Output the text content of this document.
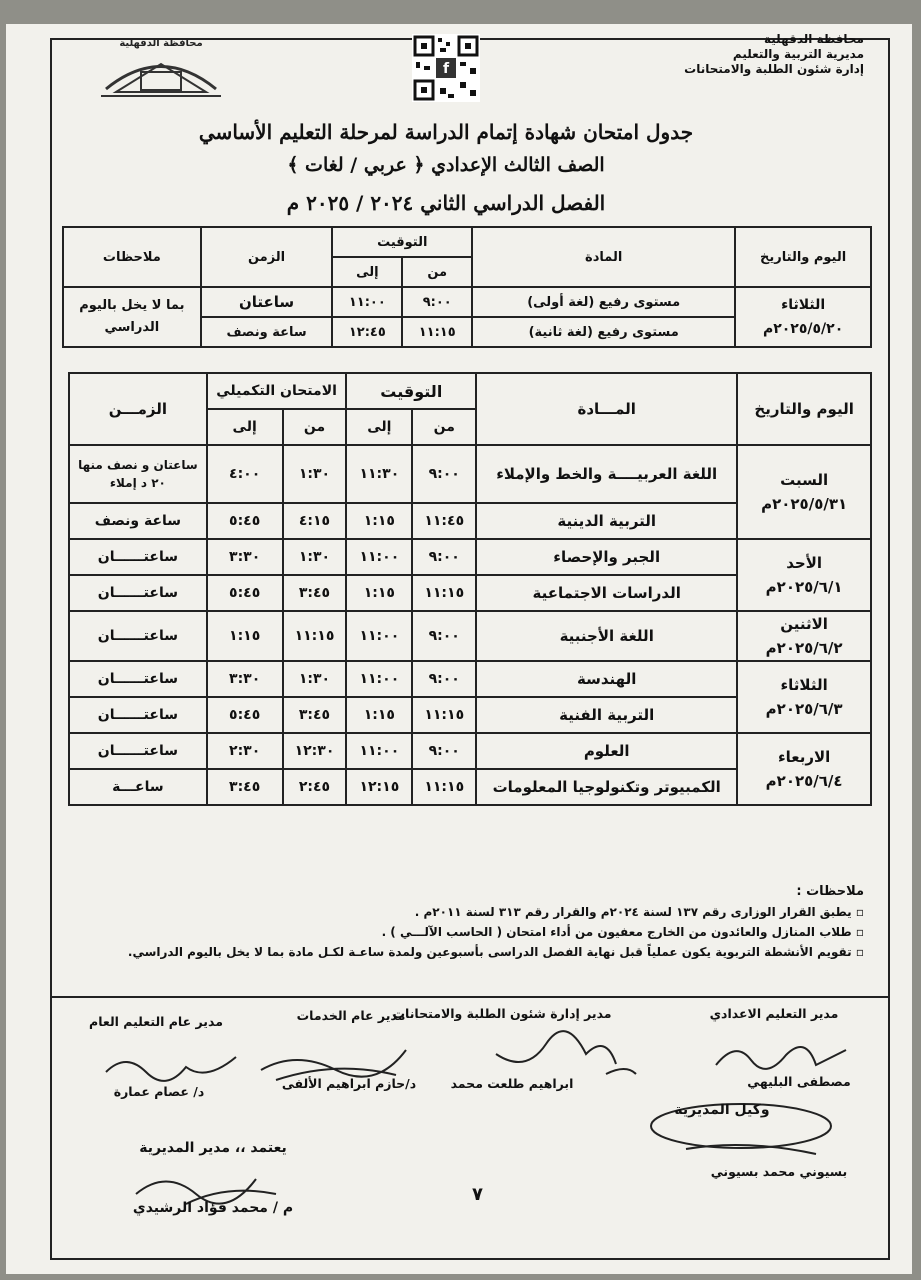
محافظة الدقهلية
مديرية التربية والتعليم
إدارة شئون الطلبة والامتحانات
محافظة الدقهلية
f
جدول امتحان شهادة إتمام الدراسة لمرحلة التعليم الأساسي
الصف الثالث الإعدادي ﴿ عربي / لغات ﴾
الفصل الدراسي الثاني ٢٠٢٤ / ٢٠٢٥ م
اليوم والتاريخ	المادة	التوقيت		الزمن	ملاحظات
		من	إلى		

الثلاثاء
٢٠٢٥/٥/٢٠م	مستوى رفيع (لغة أولى)	٩:٠٠	١١:٠٠	ساعتان	بما لا يخل باليوم الدراسي
	مستوى رفيع (لغة ثانية)	١١:١٥	١٢:٤٥	ساعة ونصف	
اليوم والتاريخ	المـــادة	التوقيت		الامتحان التكميلي		الزمـــن
		من	إلى	من	إلى	

السبت
٢٠٢٥/٥/٣١م	اللغة العربيــــة والخط والإملاء	٩:٠٠	١١:٣٠	١:٣٠	٤:٠٠	ساعتان و نصف منها ٢٠ د إملاء
	التربية الدينية	١١:٤٥	١:١٥	٤:١٥	٥:٤٥	ساعة ونصف

الأحد
٢٠٢٥/٦/١م	الجبر والإحصاء	٩:٠٠	١١:٠٠	١:٣٠	٣:٣٠	ساعتــــــان
	الدراسات الاجتماعية	١١:١٥	١:١٥	٣:٤٥	٥:٤٥	ساعتــــــان

الاثنين
٢٠٢٥/٦/٢م	اللغة الأجنبية	٩:٠٠	١١:٠٠	١١:١٥	١:١٥	ساعتــــــان

الثلاثاء
٢٠٢٥/٦/٣م	الهندسة	٩:٠٠	١١:٠٠	١:٣٠	٣:٣٠	ساعتــــــان
	التربية الفنية	١١:١٥	١:١٥	٣:٤٥	٥:٤٥	ساعتــــــان

الاربعاء
٢٠٢٥/٦/٤م	العلوم	٩:٠٠	١١:٠٠	١٢:٣٠	٢:٣٠	ساعتــــــان
	الكمبيوتر وتكنولوجيا المعلومات	١١:١٥	١٢:١٥	٢:٤٥	٣:٤٥	ساعـــة
ملاحظات :
▫ يطبق القرار الوزارى رقم ١٣٧ لسنة ٢٠٢٤م والقرار رقم ٣١٣ لسنة ٢٠١١م .
▫ طلاب المنازل والعائدون من الخارج معفيون من أداء امتحان ( الحاسب الآلـــي ) .
▫ تقويم الأنشطة التربوية يكون عملياً قبل نهاية الفصل الدراسى بأسبوعين ولمدة ساعـة لكـل مادة بما لا يخل باليوم الدراسي.
مدير التعليم الاعدادي
مدير إدارة شئون الطلبة والامتحانات
مدير عام الخدمات
مدير عام التعليم العام
مصطفى البليهي
ابراهيم طلعت محمد
د/حازم ابراهيم الألفى
د/ عصام عمارة
وكيل المديرية
بسيوني محمد بسيوني
يعتمد ،، مدير المديرية
م / محمد فؤاد الرشيدي
٧
